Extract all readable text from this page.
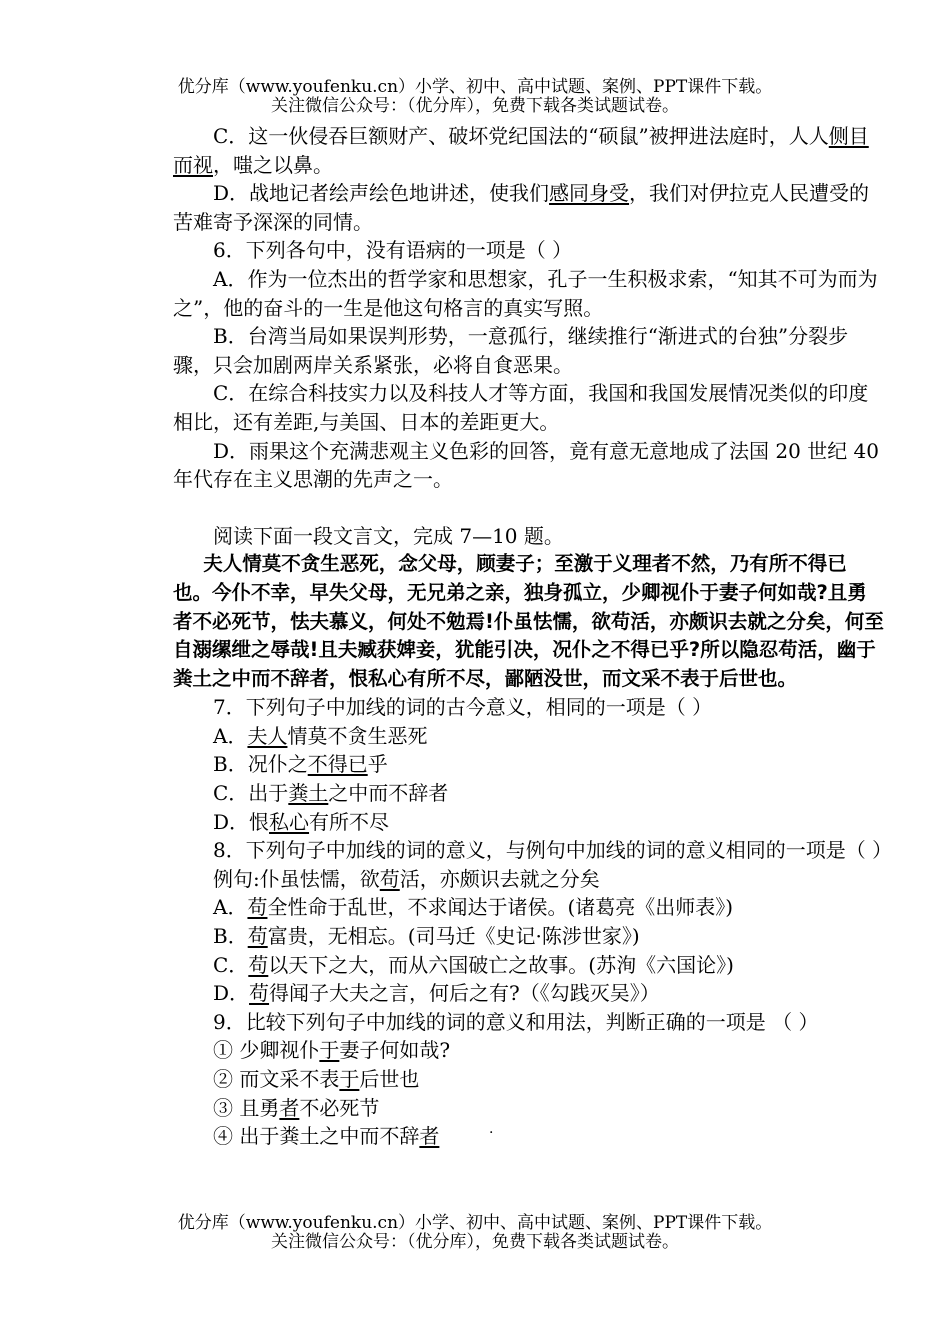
优分库（www.youfenku.cn）小学、初中、高中试题、案例、PPT课件下载。
关注微信公众号：（优分库），免费下载各类试题试卷。

C．这一伙侵吞巨额财产、破坏党纪国法的“硕鼠”被押进法庭时，人人侧目而视，嗤之以鼻。

D．战地记者绘声绘色地讲述，使我们感同身受，我们对伊拉克人民遭受的苦难寄予深深的同情。

6．下列各句中，没有语病的一项是（ ）

A．作为一位杰出的哲学家和思想家，孔子一生积极求索，“知其不可为而为之”，他的奋斗的一生是他这句格言的真实写照。

B．台湾当局如果误判形势，一意孤行，继续推行“渐进式的台独”分裂步骤，只会加剧两岸关系紧张，必将自食恶果。

C．在综合科技实力以及科技人才等方面，我国和我国发展情况类似的印度相比，还有差距,与美国、日本的差距更大。

D．雨果这个充满悲观主义色彩的回答，竟有意无意地成了法国 20 世纪 40 年代存在主义思潮的先声之一。

阅读下面一段文言文，完成 7—10 题。

夫人情莫不贪生恶死，念父母，顾妻子；至激于义理者不然，乃有所不得已也。今仆不幸，早失父母，无兄弟之亲，独身孤立，少卿视仆于妻子何如哉?且勇者不必死节，怯夫慕义，何处不勉焉!仆虽怯懦，欲苟活，亦颇识去就之分矣，何至自溺缧绁之辱哉!且夫臧获婢妾，犹能引决，况仆之不得已乎?所以隐忍苟活，幽于粪土之中而不辞者，恨私心有所不尽，鄙陋没世，而文采不表于后世也。

7．下列句子中加线的词的古今意义，相同的一项是（ ）

A．夫人情莫不贪生恶死

B．况仆之不得已乎

C．出于粪土之中而不辞者

D．恨私心有所不尽

8．下列句子中加线的词的意义，与例句中加线的词的意义相同的一项是（ ）

例句:仆虽怯懦，欲苟活，亦颇识去就之分矣

A．苟全性命于乱世，不求闻达于诸侯。(诸葛亮《出师表》)

B．苟富贵，无相忘。(司马迁《史记·陈涉世家》)

C．苟以天下之大，而从六国破亡之故事。(苏洵《六国论》)

D．苟得闻子大夫之言，何后之有?（《勾践灭吴》）

9．比较下列句子中加线的词的意义和用法，判断正确的一项是 （ ）

① 少卿视仆于妻子何如哉?

② 而文采不表于后世也

③ 且勇者不必死节

④ 出于粪土之中而不辞者	·
优分库（www.youfenku.cn）小学、初中、高中试题、案例、PPT课件下载。
关注微信公众号：（优分库），免费下载各类试题试卷。
